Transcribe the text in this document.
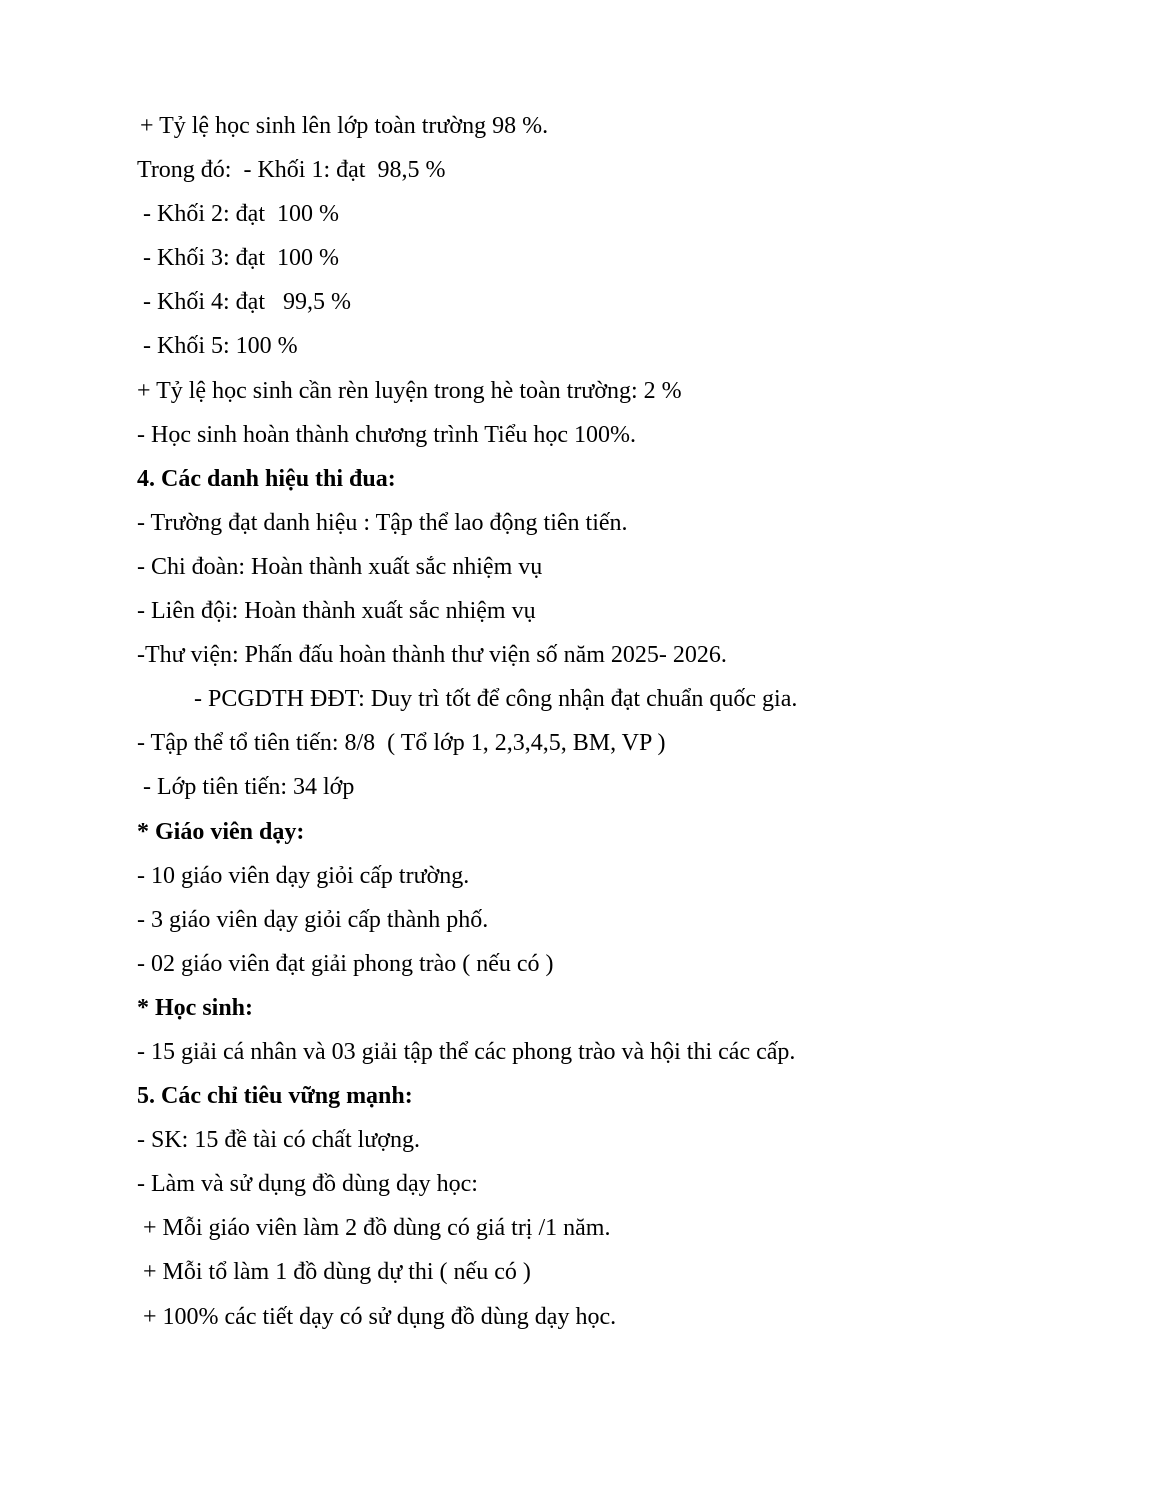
+ Tỷ lệ học sinh lên lớp toàn trường 98 %.
Trong đó:  - Khối 1: đạt  98,5 %
- Khối 2: đạt  100 %
- Khối 3: đạt  100 %
- Khối 4: đạt   99,5 %
- Khối 5: 100 %
+ Tỷ lệ học sinh cần rèn luyện trong hè toàn trường: 2 %
- Học sinh hoàn thành chương trình Tiểu học 100%.
4. Các danh hiệu thi đua:
- Trường đạt danh hiệu : Tập thể lao động tiên tiến.
- Chi đoàn: Hoàn thành xuất sắc nhiệm vụ
- Liên đội: Hoàn thành xuất sắc nhiệm vụ
-Thư viện: Phấn đấu hoàn thành thư viện số năm 2025- 2026.
- PCGDTH ĐĐT: Duy trì tốt để công nhận đạt chuẩn quốc gia.
- Tập thể tổ tiên tiến: 8/8  ( Tổ lớp 1, 2,3,4,5, BM, VP )
- Lớp tiên tiến: 34 lớp
* Giáo viên dạy:
- 10 giáo viên dạy giỏi cấp trường.
- 3 giáo viên dạy giỏi cấp thành phố.
- 02 giáo viên đạt giải phong trào ( nếu có )
* Học sinh:
- 15 giải cá nhân và 03 giải tập thể các phong trào và hội thi các cấp.
5. Các chỉ tiêu vững mạnh:
- SK: 15 đề tài có chất lượng.
- Làm và sử dụng đồ dùng dạy học:
+ Mỗi giáo viên làm 2 đồ dùng có giá trị /1 năm.
+ Mỗi tổ làm 1 đồ dùng dự thi ( nếu có )
+ 100% các tiết dạy có sử dụng đồ dùng dạy học.
